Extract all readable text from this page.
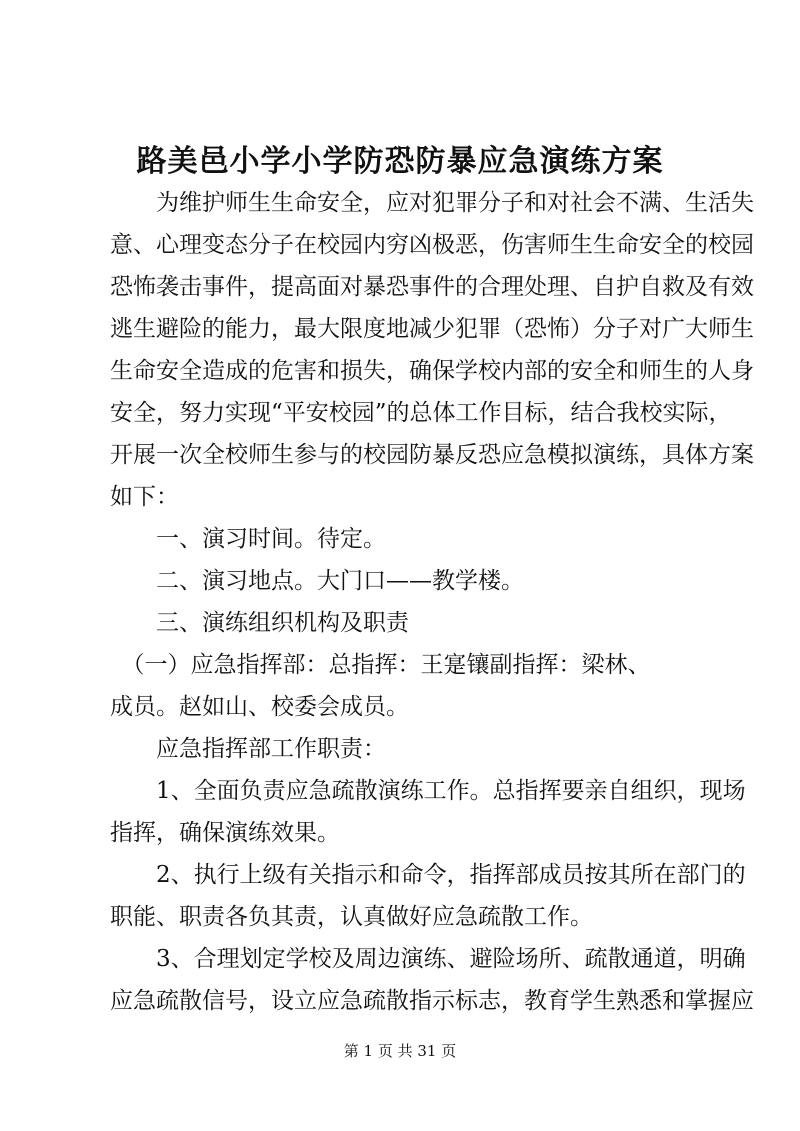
路美邑小学小学防恐防暴应急演练方案
　　为维护师生生命安全，应对犯罪分子和对社会不满、生活失
意、心理变态分子在校园内穷凶极恶，伤害师生生命安全的校园
恐怖袭击事件，提高面对暴恐事件的合理处理、自护自救及有效
逃生避险的能力，最大限度地减少犯罪（恐怖）分子对广大师生
生命安全造成的危害和损失，确保学校内部的安全和师生的人身
安全，努力实现“平安校园”的总体工作目标，结合我校实际，
开展一次全校师生参与的校园防暴反恐应急模拟演练，具体方案
如下：
　　一、演习时间。待定。
　　二、演习地点。大门口——教学楼。
　　三、演练组织机构及职责
　（一）应急指挥部：总指挥：王寔镶副指挥：梁林、
成员。赵如山、校委会成员。
　　应急指挥部工作职责：
　　1、全面负责应急疏散演练工作。总指挥要亲自组织，现场
指挥，确保演练效果。
　　2、执行上级有关指示和命令，指挥部成员按其所在部门的
职能、职责各负其责，认真做好应急疏散工作。
　　3、合理划定学校及周边演练、避险场所、疏散通道，明确
应急疏散信号，设立应急疏散指示标志，教育学生熟悉和掌握应
第 1 页 共 31 页
